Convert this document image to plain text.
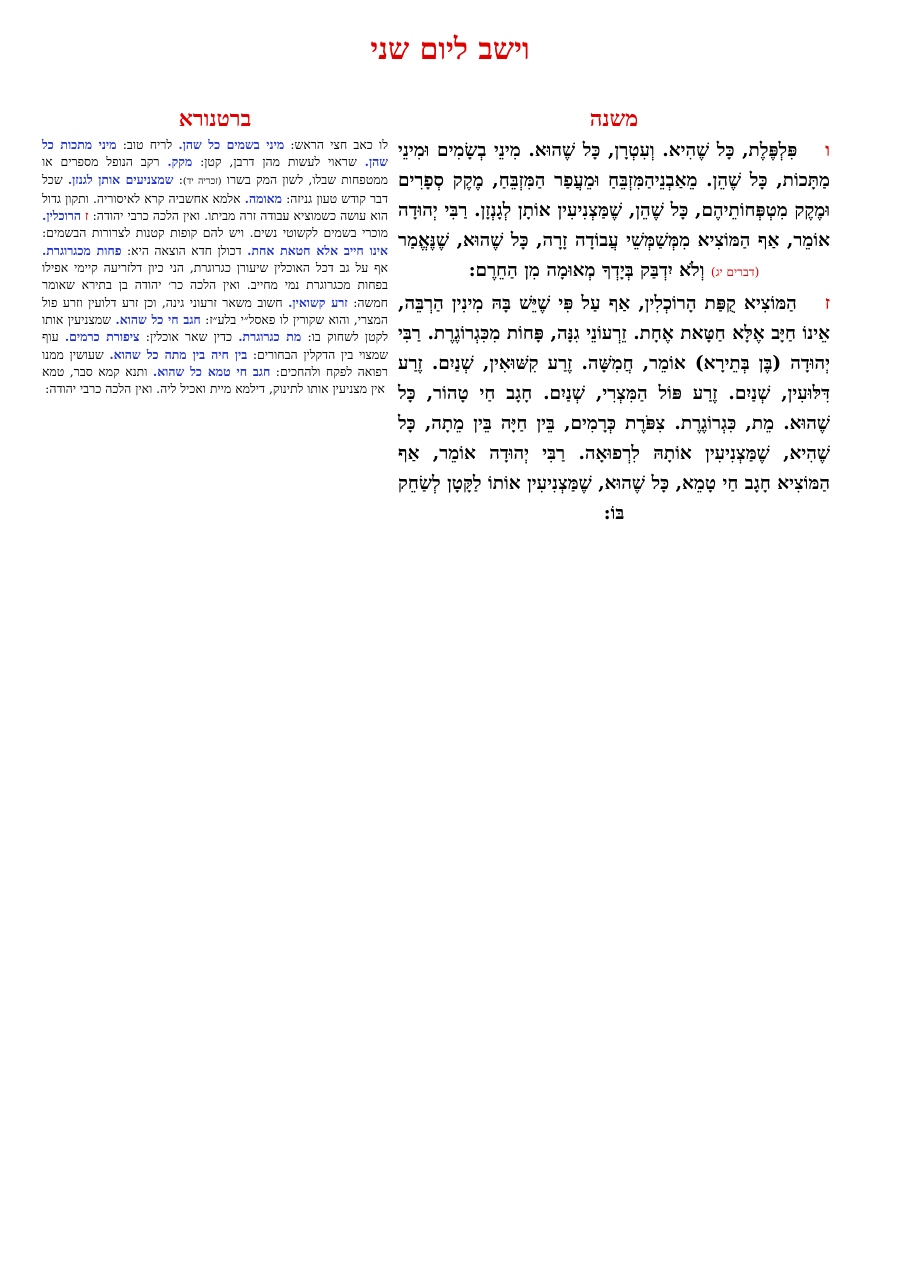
וישב ליום שני
משנה

ופִּלְפֶּלֶת, כָּל שֶׁהִיא. וְעִטְרָן, כָּל שֶׁהוּא. מִינֵי בְשָׂמִים וּמִינֵי מַתָּכוֹת, כָּל שֶׁהֵן. מֵאַבְנֵיהַמִּזְבֵּחַ וּמֵעֲפַר הַמִּזְבֵּחַ, מֶקֶק סְפָרִים וּמֶקֶק מִטְפְּחוֹתֵיהֶם, כָּל שֶׁהֵן, שֶׁמַּצְנִיעִין אוֹתָן לְגָנְזָן. רַבִּי יְהוּדָה אוֹמֵר, אַף הַמּוֹצִיא מִמְּשַׁמְּשֵׁי עֲבוֹדָה זָרָה, כָּל שֶׁהוּא, שֶׁנֶּאֱמַר (דברים יג) וְלֹא יִדְבַּק בְּיָדְךָ מְאוּמָה מִן הַחֵרֶם:

זהַמּוֹצִיא קֻפַּת הָרוֹכְלִין, אַף עַל פִּי שֶׁיֵּשׁ בָּהּ מִינִין הַרְבֵּה, אֵינוֹ חַיָּב אֶלָּא חַטָּאת אֶחָת. זֵרְעוֹנֵי גִנָּה, פָּחוֹת מִכִּגְרוֹגֶרֶת. רַבִּי יְהוּדָה (בֶּן בְּתֵירָא) אוֹמֵר, חֲמִשָּׁה. זֶרַע קִשּׁוּאִין, שְׁנַיִם. זֶרַע דִּלּוּעִין, שְׁנַיִם. זֶרַע פּוֹל הַמִּצְרִי, שְׁנַיִם. חָגָב חַי טָהוֹר, כָּל שֶׁהוּא. מֵת, כִּגְרוֹגֶרֶת. צִפֹּרֶת כְּרָמִים, בֵּין חַיָּה בֵּין מֵתָה, כָּל שֶׁהִיא, שֶׁמַּצְנִיעִין אוֹתָהּ לִרְפוּאָה. רַבִּי יְהוּדָה אוֹמֵר, אַף הַמּוֹצִיא חָגָב חַי טָמֵא, כָּל שֶׁהוּא, שֶׁמַּצְנִיעִין אוֹתוֹ לַקָּטָן לְשַׂחֵק בּוֹ:

ברטנורא

לו כאב חצי הראש: מיני בשמים כל שהן. לריח טוב: מיני מתכות כל שהן. שראוי לעשות מהן דרבן, קטן: מקק. רקב הנופל מספרים או ממטפחות שבלו, לשון המק בשרו (זכריה יד): שמצניעים אותן לגנזן. שכל דבר קודש טעון גניזה: מאומה. אלמא אחשביה קרא לאיסוריה. ותקון גדול הוא עושה כשמוציא עבודה זרה מביתו. ואין הלכה כרבי יהודה: ז הרוכלין. מוכרי בשמים לקשוטי נשים. ויש להם קופות קטנות לצרורות הבשמים: אינו חייב אלא חטאת אחת. דכולן חדא הוצאה היא: פחות מכגרוגרת. אף על גב דכל האוכלין שיעורן כגרוגרת, הני כיון דלזריעה קיימי אפילו בפחות מכגרוגרת נמי מחייב. ואין הלכה כר׳ יהודה בן בתירא שאומר חמשה: זרע קשואין. חשוב משאר זרעוני גינה, וכן זרע דלועין וזרע פול המצרי, והוא שקורין לו פאסל״י בלע״ז: חגב חי כל שהוא. שמצניעין אותו לקטן לשחוק בו: מת כגרוגרת. כדין שאר אוכלין: ציפורת כרמים. עוף שמצוי בין הדקלין הבחורים: בין חיה בין מתה כל שהוא. שעושין ממנו רפואה לפקח ולהחכים: חגב חי טמא כל שהוא. ותנא קמא סבר, טמא אין מצניעין אותו לתינוק, דילמא מיית ואכיל ליה. ואין הלכה כרבי יהודה:
